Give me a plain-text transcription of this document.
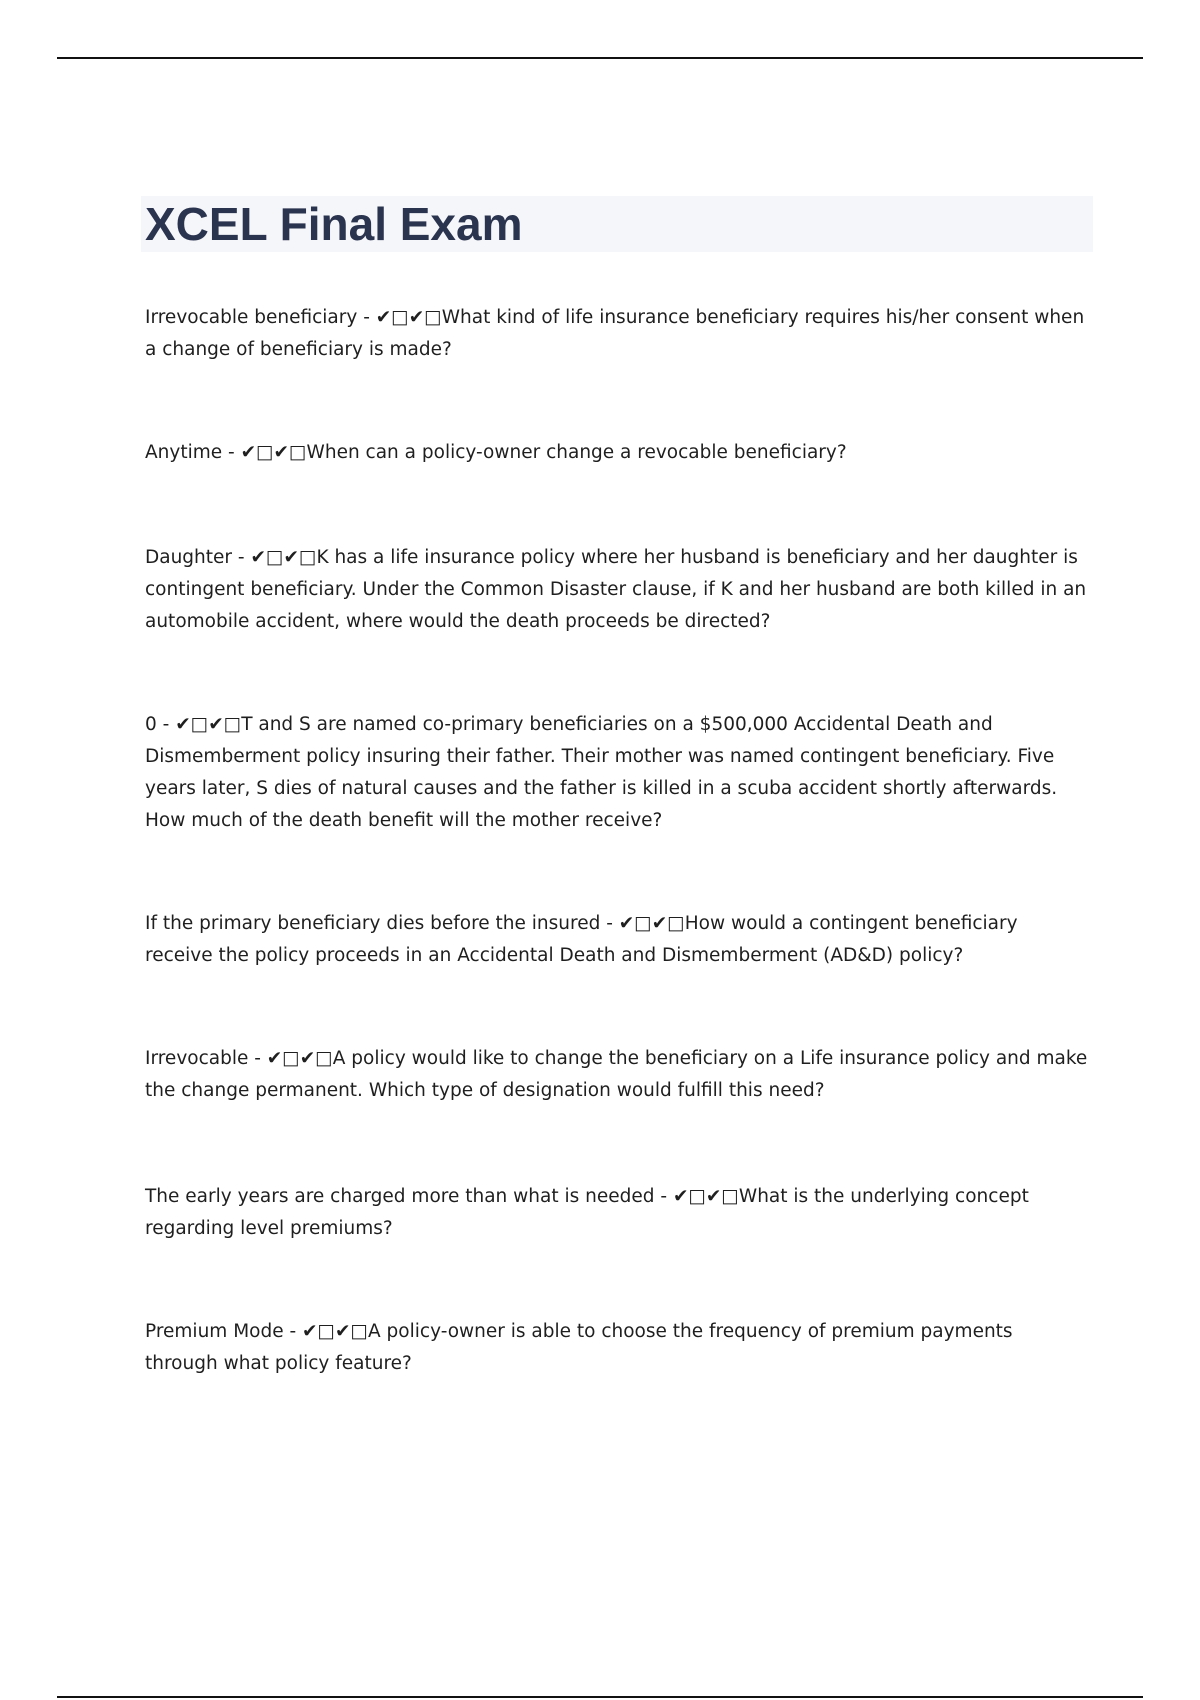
XCEL Final Exam

Irrevocable beneficiary - ✔□✔□What kind of life insurance beneficiary requires his/her consent when a change of beneficiary is made?

Anytime - ✔□✔□When can a policy-owner change a revocable beneficiary?

Daughter - ✔□✔□K has a life insurance policy where her husband is beneficiary and her daughter is contingent beneficiary. Under the Common Disaster clause, if K and her husband are both killed in an automobile accident, where would the death proceeds be directed?

0 - ✔□✔□T and S are named co-primary beneficiaries on a $500,000 Accidental Death and Dismemberment policy insuring their father. Their mother was named contingent beneficiary. Five years later, S dies of natural causes and the father is killed in a scuba accident shortly afterwards. How much of the death benefit will the mother receive?

If the primary beneficiary dies before the insured - ✔□✔□How would a contingent beneficiary receive the policy proceeds in an Accidental Death and Dismemberment (AD&D) policy?

Irrevocable - ✔□✔□A policy would like to change the beneficiary on a Life insurance policy and make the change permanent. Which type of designation would fulfill this need?

The early years are charged more than what is needed - ✔□✔□What is the underlying concept regarding level premiums?

Premium Mode - ✔□✔□A policy-owner is able to choose the frequency of premium payments through what policy feature?
